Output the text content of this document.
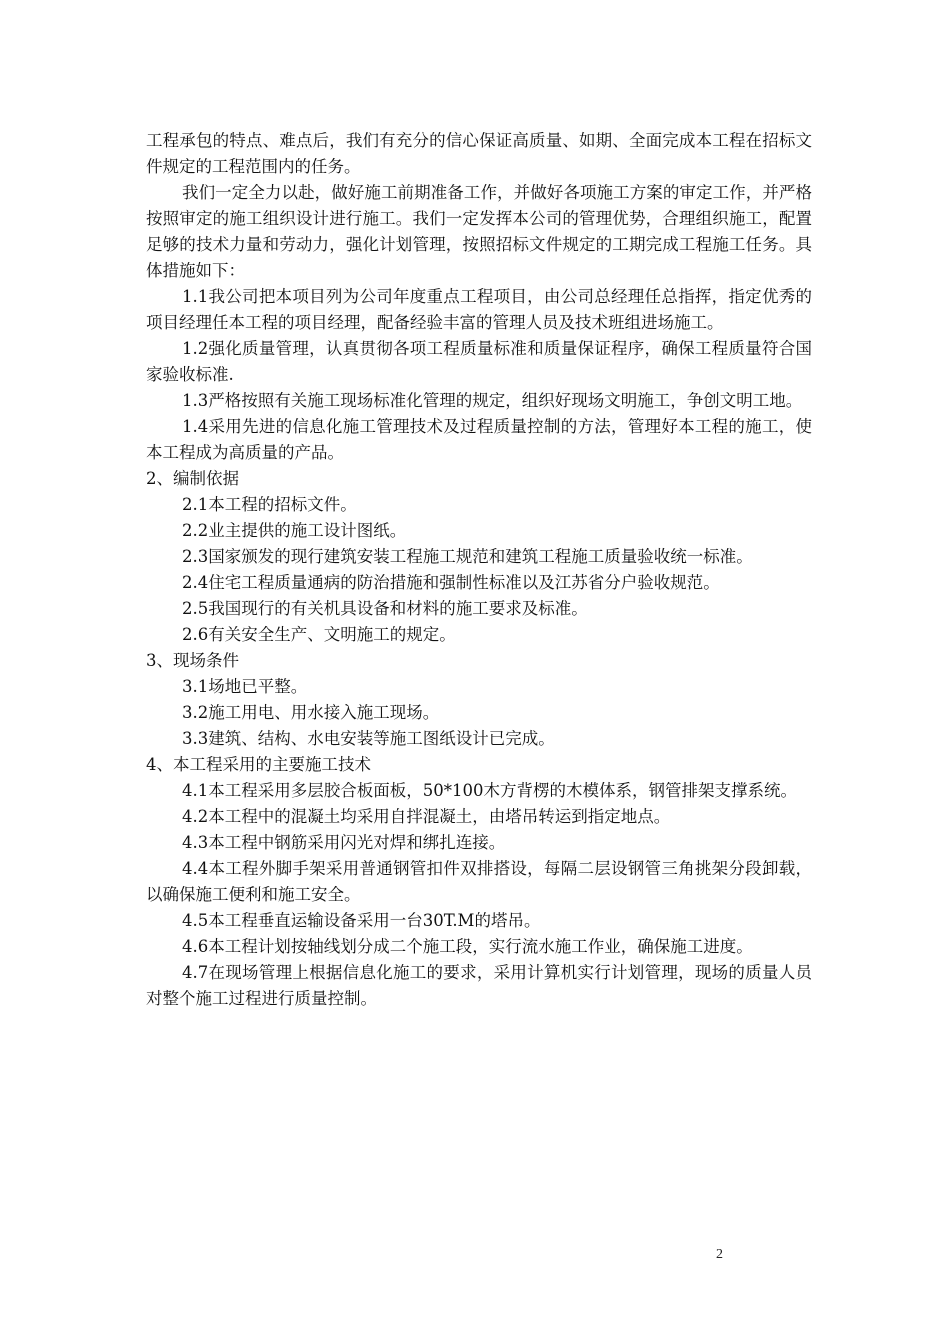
工程承包的特点、难点后，我们有充分的信心保证高质量、如期、全面完成本工程在招标文件规定的工程范围内的任务。

我们一定全力以赴，做好施工前期准备工作，并做好各项施工方案的审定工作，并严格按照审定的施工组织设计进行施工。我们一定发挥本公司的管理优势，合理组织施工，配置足够的技术力量和劳动力，强化计划管理，按照招标文件规定的工期完成工程施工任务。具体措施如下：

1.1我公司把本项目列为公司年度重点工程项目，由公司总经理任总指挥，指定优秀的项目经理任本工程的项目经理，配备经验丰富的管理人员及技术班组进场施工。

1.2强化质量管理，认真贯彻各项工程质量标准和质量保证程序，确保工程质量符合国家验收标准.

1.3严格按照有关施工现场标准化管理的规定，组织好现场文明施工，争创文明工地。

1.4采用先进的信息化施工管理技术及过程质量控制的方法，管理好本工程的施工，使本工程成为高质量的产品。

2、编制依据

2.1本工程的招标文件。

2.2业主提供的施工设计图纸。

2.3国家颁发的现行建筑安装工程施工规范和建筑工程施工质量验收统一标准。

2.4住宅工程质量通病的防治措施和强制性标准以及江苏省分户验收规范。

2.5我国现行的有关机具设备和材料的施工要求及标准。

2.6有关安全生产、文明施工的规定。

3、现场条件

3.1场地已平整。

3.2施工用电、用水接入施工现场。

3.3建筑、结构、水电安装等施工图纸设计已完成。

4、本工程采用的主要施工技术

4.1本工程采用多层胶合板面板，50*100木方背楞的木模体系，钢管排架支撑系统。

4.2本工程中的混凝土均采用自拌混凝土，由塔吊转运到指定地点。

4.3本工程中钢筋采用闪光对焊和绑扎连接。

4.4本工程外脚手架采用普通钢管扣件双排搭设，每隔二层设钢管三角挑架分段卸载，以确保施工便利和施工安全。

4.5本工程垂直运输设备采用一台30T.M的塔吊。

4.6本工程计划按轴线划分成二个施工段，实行流水施工作业，确保施工进度。

4.7在现场管理上根据信息化施工的要求，采用计算机实行计划管理，现场的质量人员对整个施工过程进行质量控制。

2
